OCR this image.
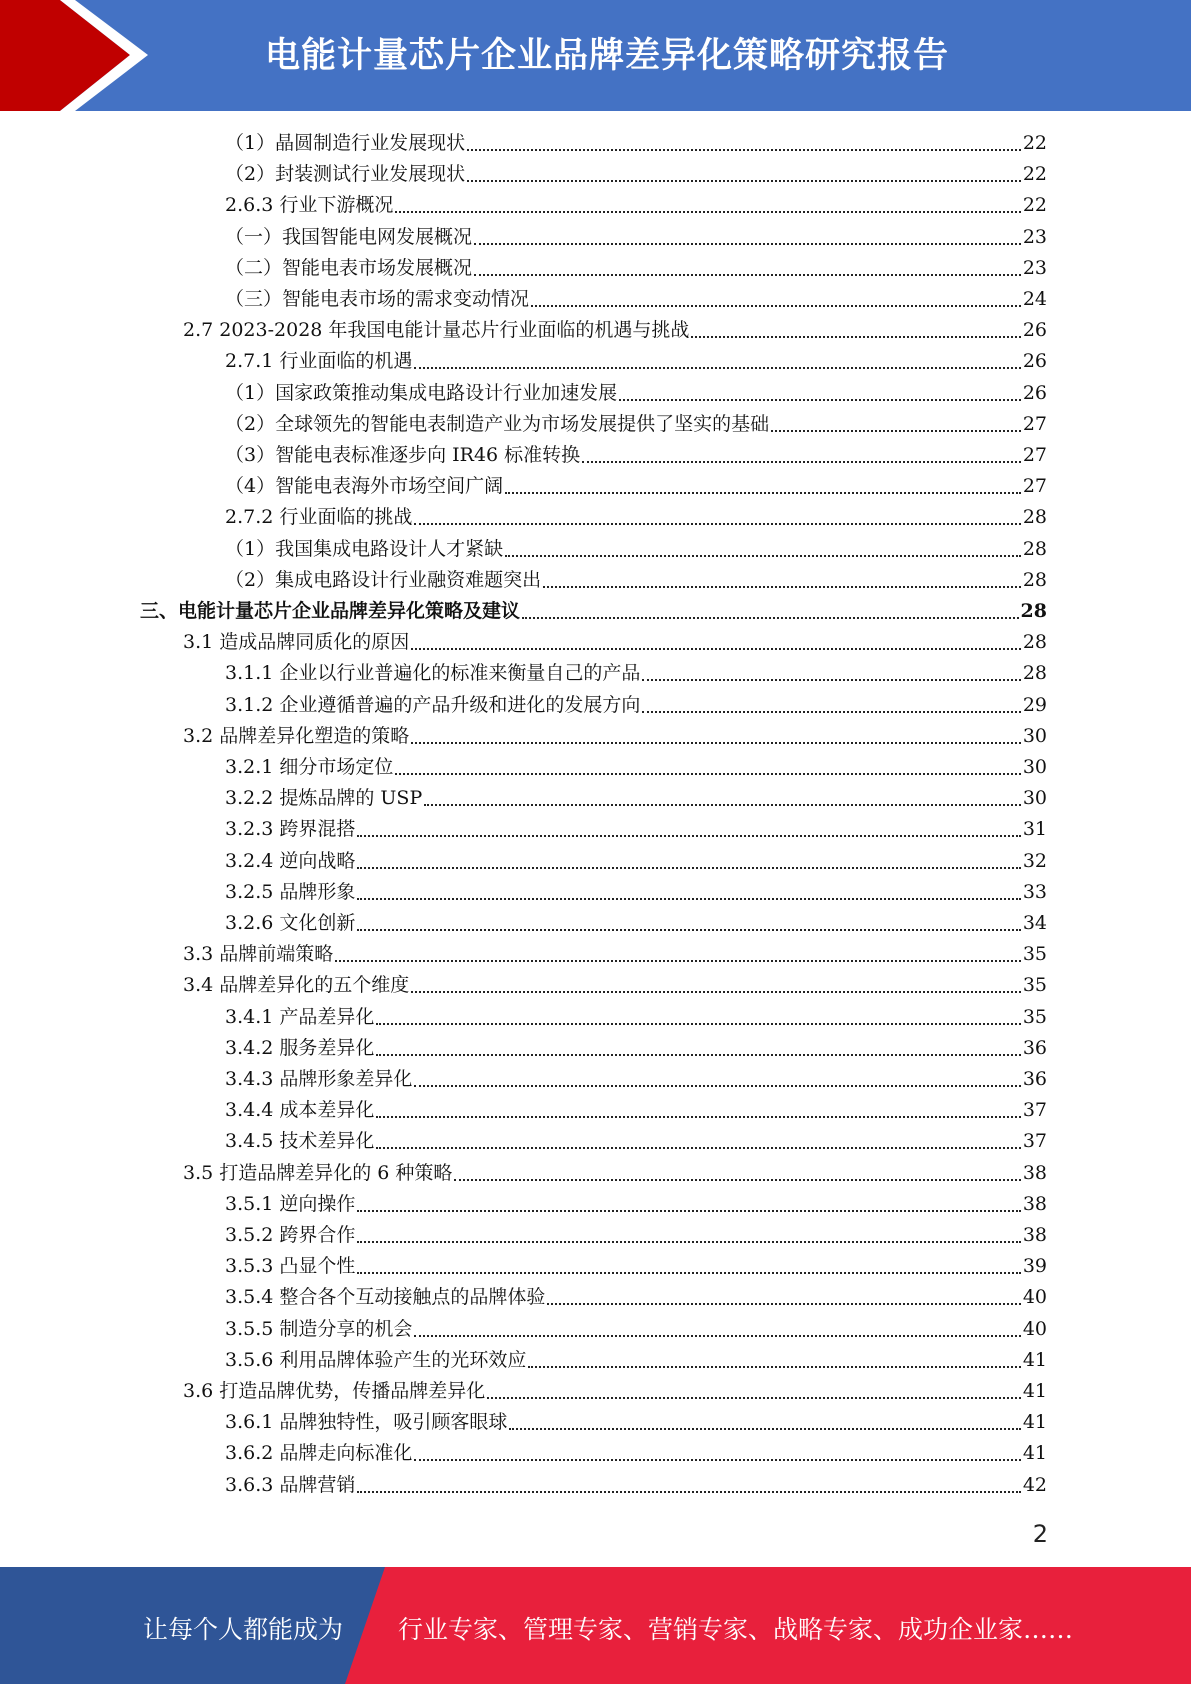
电能计量芯片企业品牌差异化策略研究报告
（1）晶圆制造行业发展现状	22
（2）封装测试行业发展现状	22
2.6.3 行业下游概况	22
（一）我国智能电网发展概况	23
（二）智能电表市场发展概况	23
（三）智能电表市场的需求变动情况	24
2.7 2023-2028 年我国电能计量芯片行业面临的机遇与挑战	26
2.7.1 行业面临的机遇	26
（1）国家政策推动集成电路设计行业加速发展	26
（2）全球领先的智能电表制造产业为市场发展提供了坚实的基础	27
（3）智能电表标准逐步向 IR46 标准转换	27
（4）智能电表海外市场空间广阔	27
2.7.2 行业面临的挑战	28
（1）我国集成电路设计人才紧缺	28
（2）集成电路设计行业融资难题突出	28
三、电能计量芯片企业品牌差异化策略及建议	28
3.1 造成品牌同质化的原因	28
3.1.1 企业以行业普遍化的标准来衡量自己的产品	28
3.1.2 企业遵循普遍的产品升级和进化的发展方向	29
3.2 品牌差异化塑造的策略	30
3.2.1 细分市场定位	30
3.2.2 提炼品牌的 USP	30
3.2.3 跨界混搭	31
3.2.4 逆向战略	32
3.2.5 品牌形象	33
3.2.6 文化创新	34
3.3 品牌前端策略	35
3.4 品牌差异化的五个维度	35
3.4.1 产品差异化	35
3.4.2 服务差异化	36
3.4.3 品牌形象差异化	36
3.4.4 成本差异化	37
3.4.5 技术差异化	37
3.5 打造品牌差异化的 6 种策略	38
3.5.1 逆向操作	38
3.5.2 跨界合作	38
3.5.3 凸显个性	39
3.5.4 整合各个互动接触点的品牌体验	40
3.5.5 制造分享的机会	40
3.5.6 利用品牌体验产生的光环效应	41
3.6 打造品牌优势，传播品牌差异化	41
3.6.1 品牌独特性，吸引顾客眼球	41
3.6.2 品牌走向标准化	41
3.6.3 品牌营销	42
2
让每个人都能成为 行业专家、管理专家、营销专家、战略专家、成功企业家……
